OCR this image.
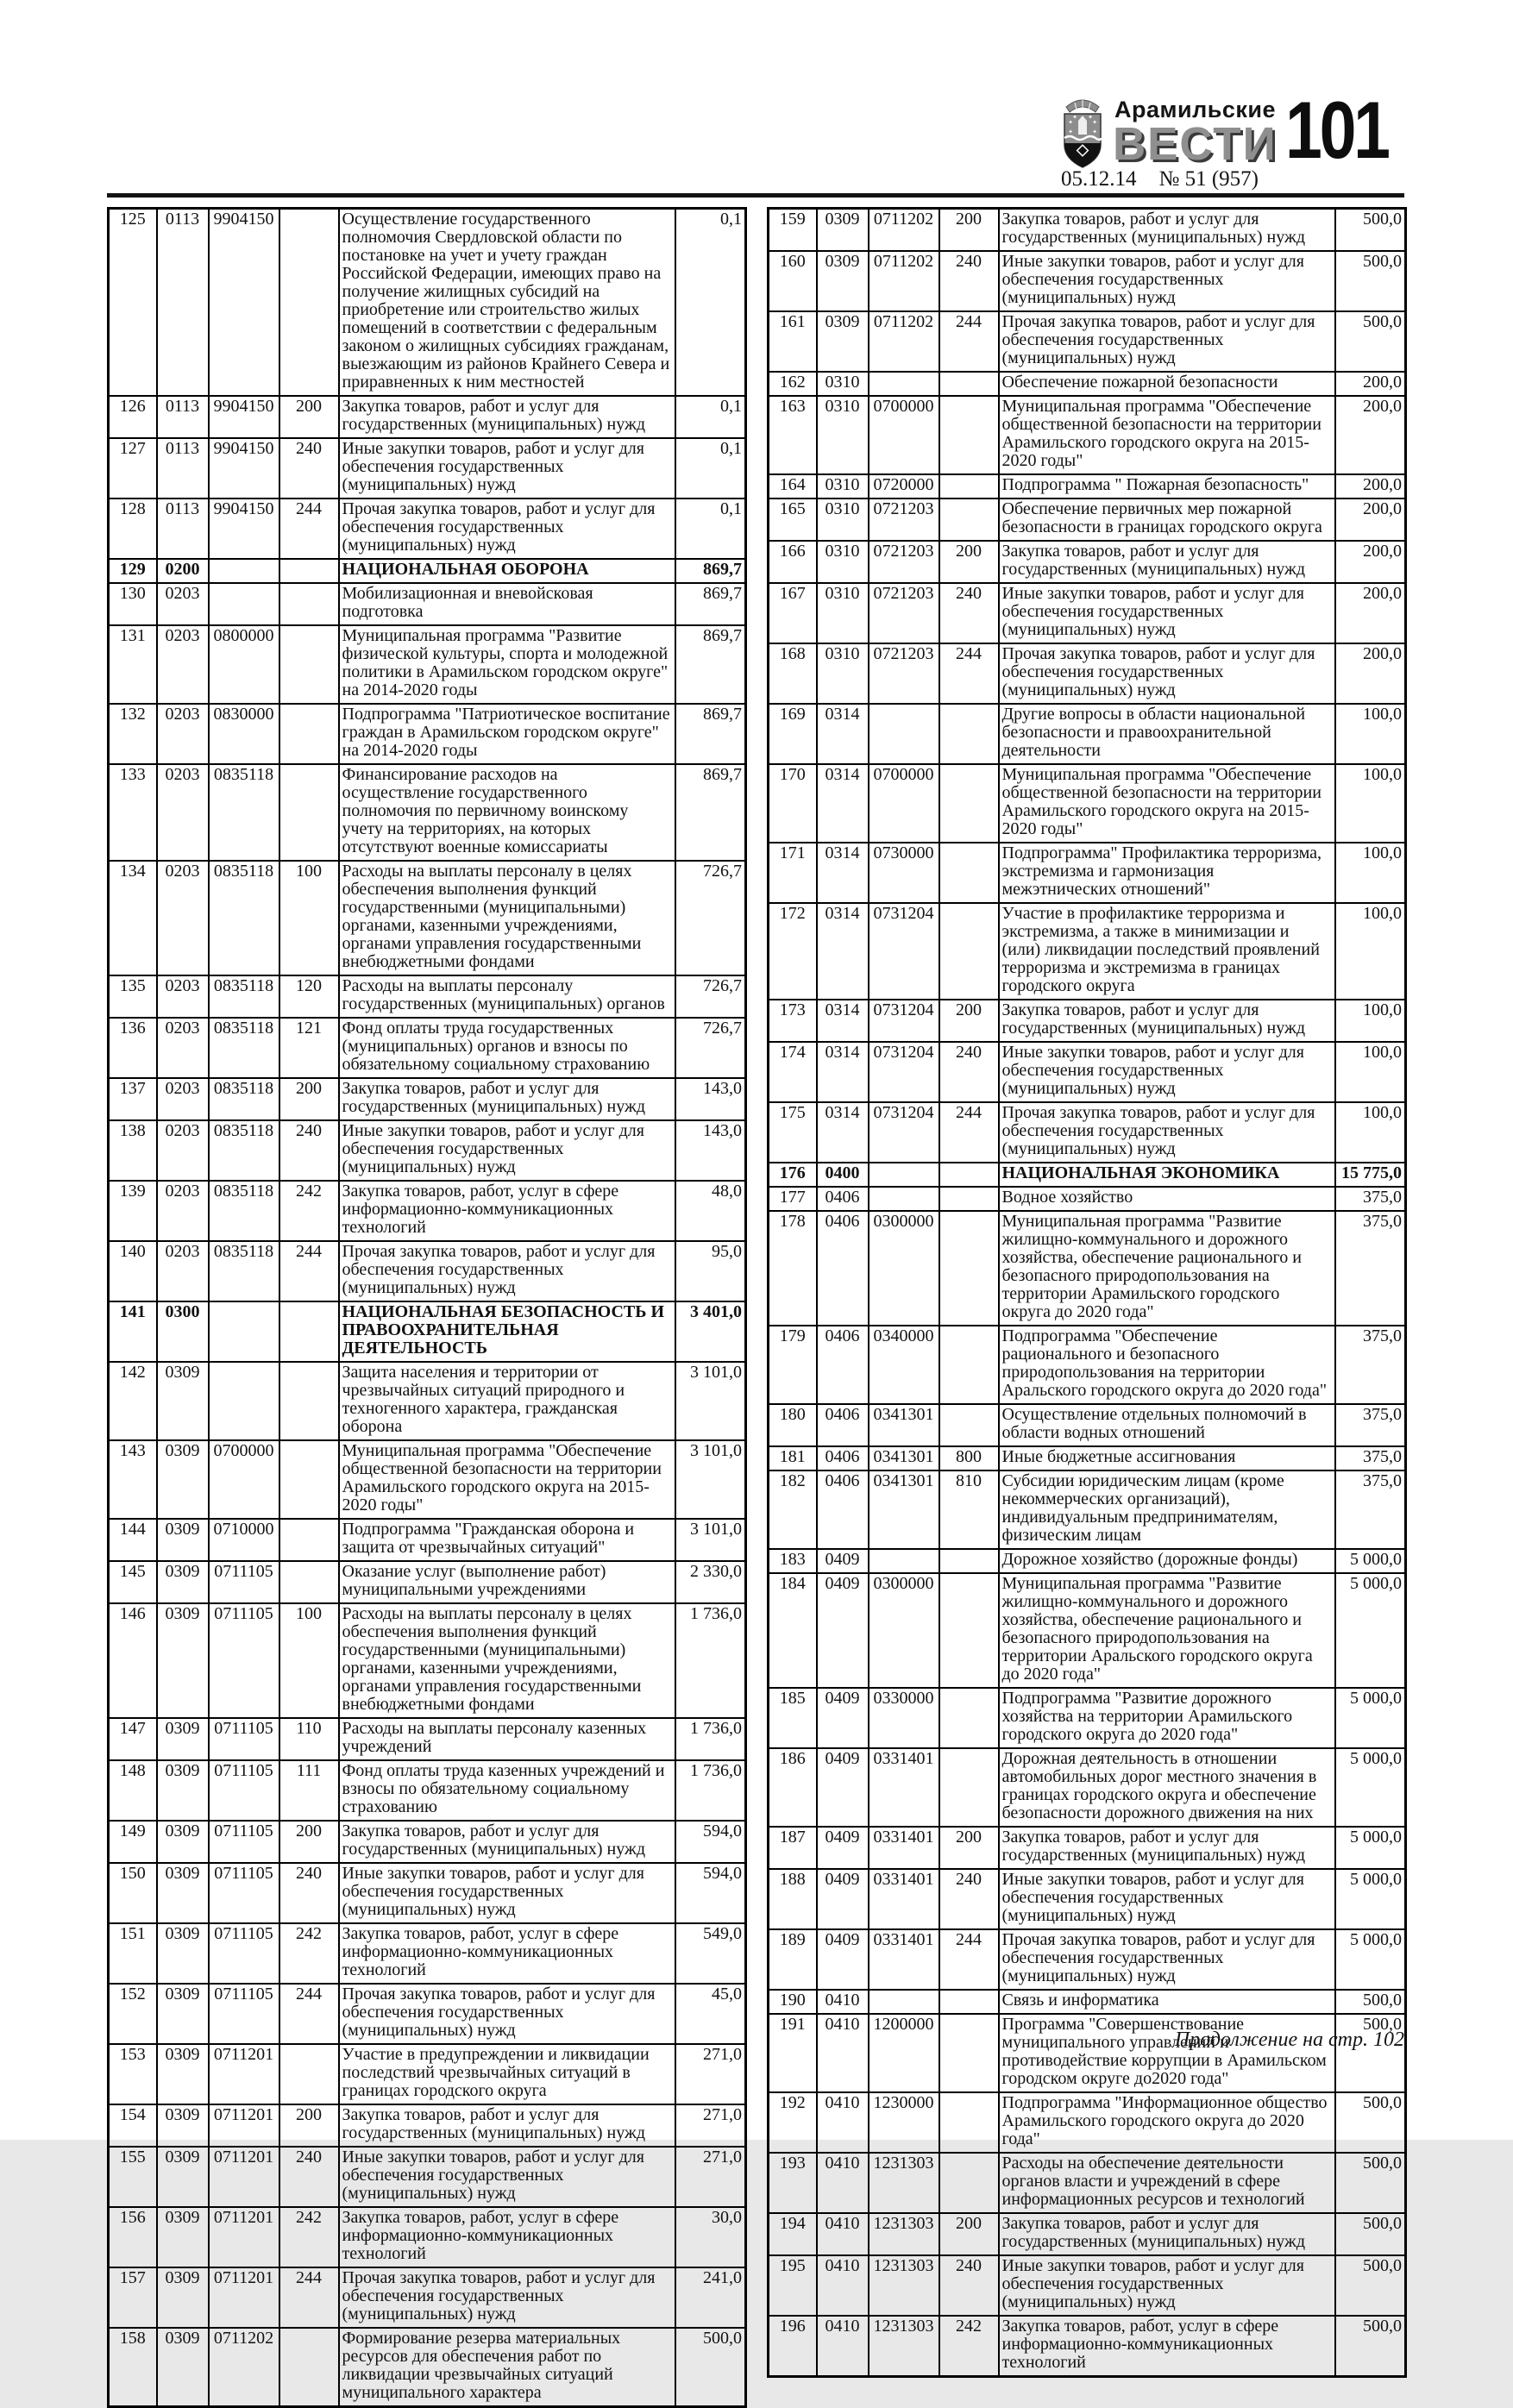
✦	✦
✦	✦
✦ ✦ Арамильские
ВЕСТИ 101
05.12.14 № 51 (957)
125	0113	9904150		Осуществление государственного полномочия Свердловской области по постановке на учет и учету граждан Российской Федерации, имеющих право на получение жилищных субсидий на приобретение или строительство жилых помещений в соответствии с федеральным законом о жилищных субсидиях гражданам, выезжающим из районов Крайнего Севера и приравненных к ним местностей	0,1
126	0113	9904150	200	Закупка товаров, работ и услуг для государственных (муниципальных) нужд	0,1
127	0113	9904150	240	Иные закупки товаров, работ и услуг для обеспечения государственных (муниципальных) нужд	0,1
128	0113	9904150	244	Прочая закупка товаров, работ и услуг для обеспечения государственных (муниципальных) нужд	0,1
129	0200			НАЦИОНАЛЬНАЯ ОБОРОНА	869,7
130	0203			Мобилизационная и вневойсковая подготовка	869,7
131	0203	0800000		Муниципальная программа "Развитие физической культуры, спорта и молодежной политики в Арамильском городском округе" на 2014-2020 годы	869,7
132	0203	0830000		Подпрограмма "Патриотическое воспитание граждан в Арамильском городском округе" на 2014-2020 годы	869,7
133	0203	0835118		Финансирование расходов на осуществление государственного полномочия по первичному воинскому учету на территориях, на которых отсутствуют военные комиссариаты	869,7
134	0203	0835118	100	Расходы на выплаты персоналу в целях обеспечения выполнения функций государственными (муниципальными) органами, казенными учреждениями, органами управления государственными внебюджетными фондами	726,7
135	0203	0835118	120	Расходы на выплаты персоналу государственных (муниципальных) органов	726,7
136	0203	0835118	121	Фонд оплаты труда государственных (муниципальных) органов и взносы по обязательному социальному страхованию	726,7
137	0203	0835118	200	Закупка товаров, работ и услуг для государственных (муниципальных) нужд	143,0
138	0203	0835118	240	Иные закупки товаров, работ и услуг для обеспечения государственных (муниципальных) нужд	143,0
139	0203	0835118	242	Закупка товаров, работ, услуг в сфере информационно-коммуникационных технологий	48,0
140	0203	0835118	244	Прочая закупка товаров, работ и услуг для обеспечения государственных (муниципальных) нужд	95,0
141	0300			НАЦИОНАЛЬНАЯ БЕЗОПАСНОСТЬ И ПРАВООХРАНИТЕЛЬНАЯ ДЕЯТЕЛЬНОСТЬ	3 401,0
142	0309			Защита населения и территории от чрезвычайных ситуаций природного и техногенного характера, гражданская оборона	3 101,0
143	0309	0700000		Муниципальная программа "Обеспечение общественной безопасности на территории Арамильского городского округа на 2015-2020 годы"	3 101,0
144	0309	0710000		Подпрограмма "Гражданская оборона и защита от чрезвычайных ситуаций"	3 101,0
145	0309	0711105		Оказание услуг (выполнение работ) муниципальными учреждениями	2 330,0
146	0309	0711105	100	Расходы на выплаты персоналу в целях обеспечения выполнения функций государственными (муниципальными) органами, казенными учреждениями, органами управления государственными внебюджетными фондами	1 736,0
147	0309	0711105	110	Расходы на выплаты персоналу казенных учреждений	1 736,0
148	0309	0711105	111	Фонд оплаты труда казенных учреждений и взносы по обязательному социальному страхованию	1 736,0
149	0309	0711105	200	Закупка товаров, работ и услуг для государственных (муниципальных) нужд	594,0
150	0309	0711105	240	Иные закупки товаров, работ и услуг для обеспечения государственных (муниципальных) нужд	594,0
151	0309	0711105	242	Закупка товаров, работ, услуг в сфере информационно-коммуникационных технологий	549,0
152	0309	0711105	244	Прочая закупка товаров, работ и услуг для обеспечения государственных (муниципальных) нужд	45,0
153	0309	0711201		Участие в предупреждении и ликвидации последствий чрезвычайных ситуаций в границах городского округа	271,0
154	0309	0711201	200	Закупка товаров, работ и услуг для государственных (муниципальных) нужд	271,0
155	0309	0711201	240	Иные закупки товаров, работ и услуг для обеспечения государственных (муниципальных) нужд	271,0
156	0309	0711201	242	Закупка товаров, работ, услуг в сфере информационно-коммуникационных технологий	30,0
157	0309	0711201	244	Прочая закупка товаров, работ и услуг для обеспечения государственных (муниципальных) нужд	241,0
158	0309	0711202		Формирование резерва материальных ресурсов для обеспечения работ по ликвидации чрезвычайных ситуаций муниципального характера	500,0
159	0309	0711202	200	Закупка товаров, работ и услуг для государственных (муниципальных) нужд	500,0
160	0309	0711202	240	Иные закупки товаров, работ и услуг для обеспечения государственных (муниципальных) нужд	500,0
161	0309	0711202	244	Прочая закупка товаров, работ и услуг для обеспечения государственных (муниципальных) нужд	500,0
162	0310			Обеспечение пожарной безопасности	200,0
163	0310	0700000		Муниципальная программа "Обеспечение общественной безопасности на территории Арамильского городского округа на 2015-2020 годы"	200,0
164	0310	0720000		Подпрограмма " Пожарная безопасность"	200,0
165	0310	0721203		Обеспечение первичных мер пожарной безопасности в границах городского округа	200,0
166	0310	0721203	200	Закупка товаров, работ и услуг для государственных (муниципальных) нужд	200,0
167	0310	0721203	240	Иные закупки товаров, работ и услуг для обеспечения государственных (муниципальных) нужд	200,0
168	0310	0721203	244	Прочая закупка товаров, работ и услуг для обеспечения государственных (муниципальных) нужд	200,0
169	0314			Другие вопросы в области национальной безопасности и правоохранительной деятельности	100,0
170	0314	0700000		Муниципальная программа "Обеспечение общественной безопасности на территории Арамильского городского округа на 2015-2020 годы"	100,0
171	0314	0730000		Подпрограмма" Профилактика терроризма, экстремизма и гармонизация межэтнических отношений"	100,0
172	0314	0731204		Участие в профилактике терроризма и экстремизма, а также в минимизации и (или) ликвидации последствий проявлений терроризма и экстремизма в границах городского округа	100,0
173	0314	0731204	200	Закупка товаров, работ и услуг для государственных (муниципальных) нужд	100,0
174	0314	0731204	240	Иные закупки товаров, работ и услуг для обеспечения государственных (муниципальных) нужд	100,0
175	0314	0731204	244	Прочая закупка товаров, работ и услуг для обеспечения государственных (муниципальных) нужд	100,0
176	0400			НАЦИОНАЛЬНАЯ ЭКОНОМИКА	15 775,0
177	0406			Водное хозяйство	375,0
178	0406	0300000		Муниципальная программа "Развитие жилищно-коммунального и дорожного хозяйства, обеспечение рационального и безопасного природопользования на территории Арамильского городского округа до 2020 года"	375,0
179	0406	0340000		Подпрограмма "Обеспечение рационального и безопасного природопользования на территории Аральского городского округа до 2020 года"	375,0
180	0406	0341301		Осуществление отдельных полномочий в области водных отношений	375,0
181	0406	0341301	800	Иные бюджетные ассигнования	375,0
182	0406	0341301	810	Субсидии юридическим лицам (кроме некоммерческих организаций), индивидуальным предпринимателям, физическим лицам	375,0
183	0409			Дорожное хозяйство (дорожные фонды)	5 000,0
184	0409	0300000		Муниципальная программа "Развитие жилищно-коммунального и дорожного хозяйства, обеспечение рационального и безопасного природопользования на территории Аральского городского округа до 2020 года"	5 000,0
185	0409	0330000		Подпрограмма "Развитие дорожного хозяйства на территории Арамильского городского округа до 2020 года"	5 000,0
186	0409	0331401		Дорожная деятельность в отношении автомобильных дорог местного значения в границах городского округа и обеспечение безопасности дорожного движения на них	5 000,0
187	0409	0331401	200	Закупка товаров, работ и услуг для государственных (муниципальных) нужд	5 000,0
188	0409	0331401	240	Иные закупки товаров, работ и услуг для обеспечения государственных (муниципальных) нужд	5 000,0
189	0409	0331401	244	Прочая закупка товаров, работ и услуг для обеспечения государственных (муниципальных) нужд	5 000,0
190	0410			Связь и информатика	500,0
191	0410	1200000		Программа "Совершенствование муниципального управлений и противодействие коррупции в Арамильском городском округе до2020 года"	500,0
192	0410	1230000		Подпрограмма "Информационное общество Арамильского городского округа до 2020 года"	500,0
193	0410	1231303		Расходы на обеспечение деятельности органов власти и учреждений в сфере информационных ресурсов и технологий	500,0
194	0410	1231303	200	Закупка товаров, работ и услуг для государственных (муниципальных) нужд	500,0
195	0410	1231303	240	Иные закупки товаров, работ и услуг для обеспечения государственных (муниципальных) нужд	500,0
196	0410	1231303	242	Закупка товаров, работ, услуг в сфере информационно-коммуникационных технологий	500,0
Продолжение на стр. 102
